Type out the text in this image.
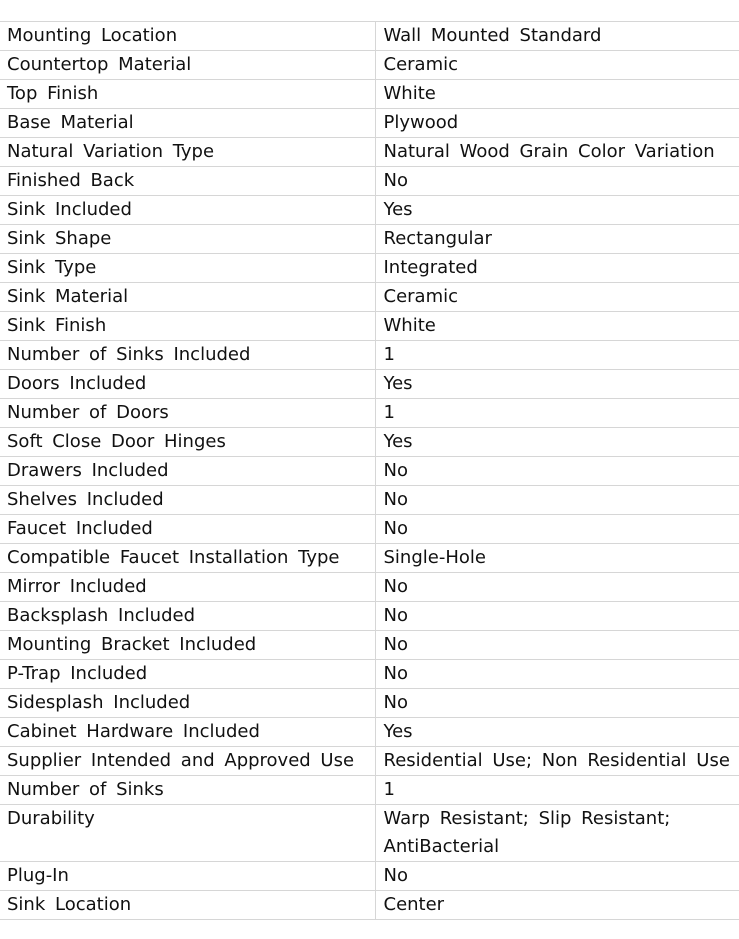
Mounting Location	Wall Mounted Standard
Countertop Material	Ceramic
Top Finish	White
Base Material	Plywood
Natural Variation Type	Natural Wood Grain Color Variation
Finished Back	No
Sink Included	Yes
Sink Shape	Rectangular
Sink Type	Integrated
Sink Material	Ceramic
Sink Finish	White
Number of Sinks Included	1
Doors Included	Yes
Number of Doors	1
Soft Close Door Hinges	Yes
Drawers Included	No
Shelves Included	No
Faucet Included	No
Compatible Faucet Installation Type	Single-Hole
Mirror Included	No
Backsplash Included	No
Mounting Bracket Included	No
P-Trap Included	No
Sidesplash Included	No
Cabinet Hardware Included	Yes
Supplier Intended and Approved Use	Residential Use; Non Residential Use
Number of Sinks	1
Durability	Warp Resistant; Slip Resistant; AntiBacterial
Plug-In	No
Sink Location	Center
